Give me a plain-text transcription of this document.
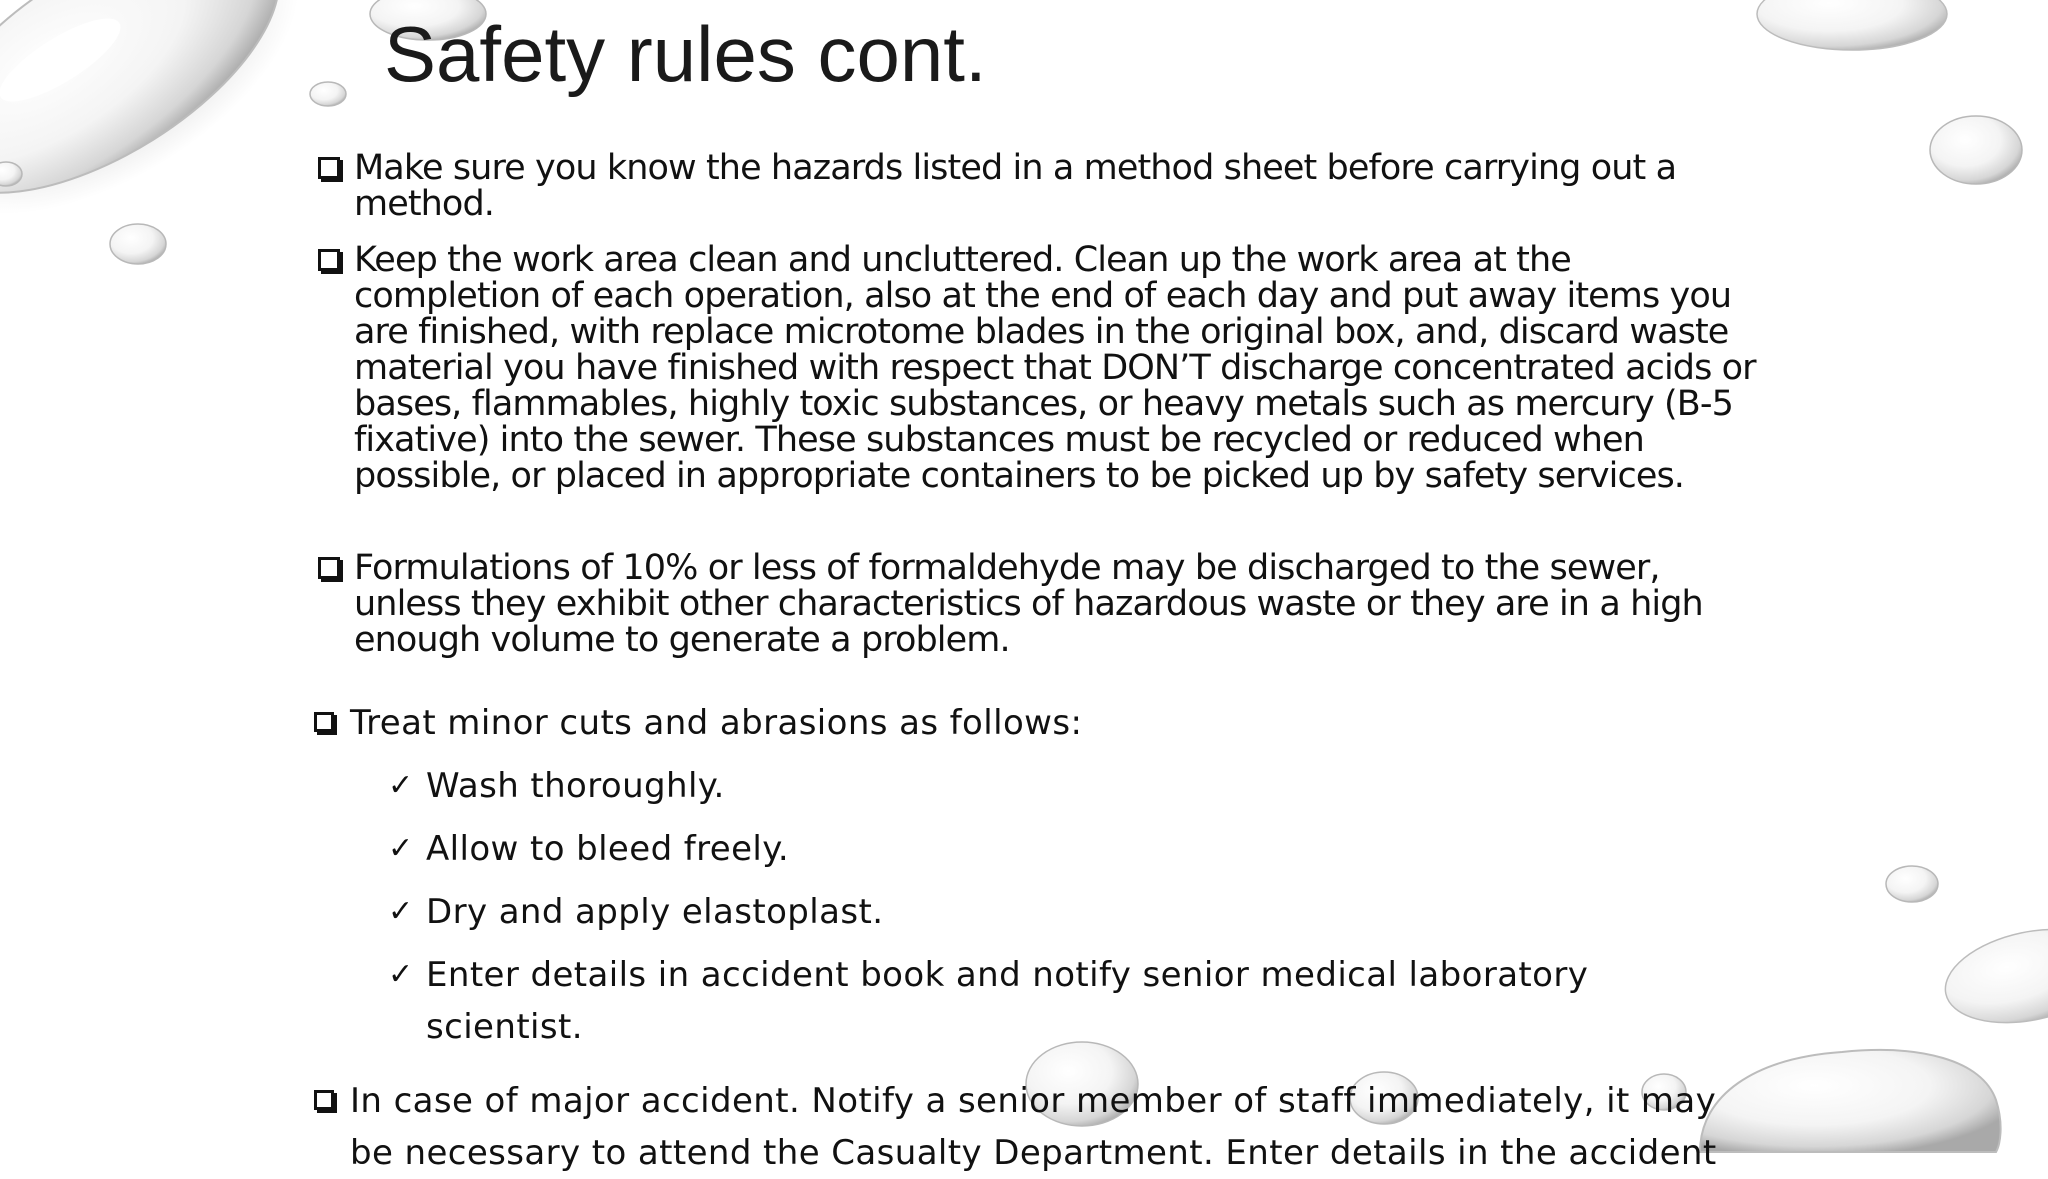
Safety rules cont.
Make sure you know the hazards listed in a method sheet before carrying out a method.
Keep the work area clean and uncluttered. Clean up the work area at the completion of each operation, also at the end of each day and put away items you are finished, with replace microtome blades in the original box, and, discard waste material you have finished with respect that DON’T discharge concentrated acids or bases, flammables, highly toxic substances, or heavy metals such as mercury (B-5 fixative) into the sewer. These substances must be recycled or reduced when possible, or placed in appropriate containers to be picked up by safety services.
Formulations of 10% or less of formaldehyde may be discharged to the sewer, unless they exhibit other characteristics of hazardous waste or they are in a high enough volume to generate a problem.
Treat minor cuts and abrasions as follows:
✓ Wash thoroughly.
✓ Allow to bleed freely.
✓ Dry and apply elastoplast.
✓ Enter details in accident book and notify senior medical laboratory scientist.
In case of major accident. Notify a senior member of staff immediately, it may be necessary to attend the Casualty Department. Enter details in the accident
